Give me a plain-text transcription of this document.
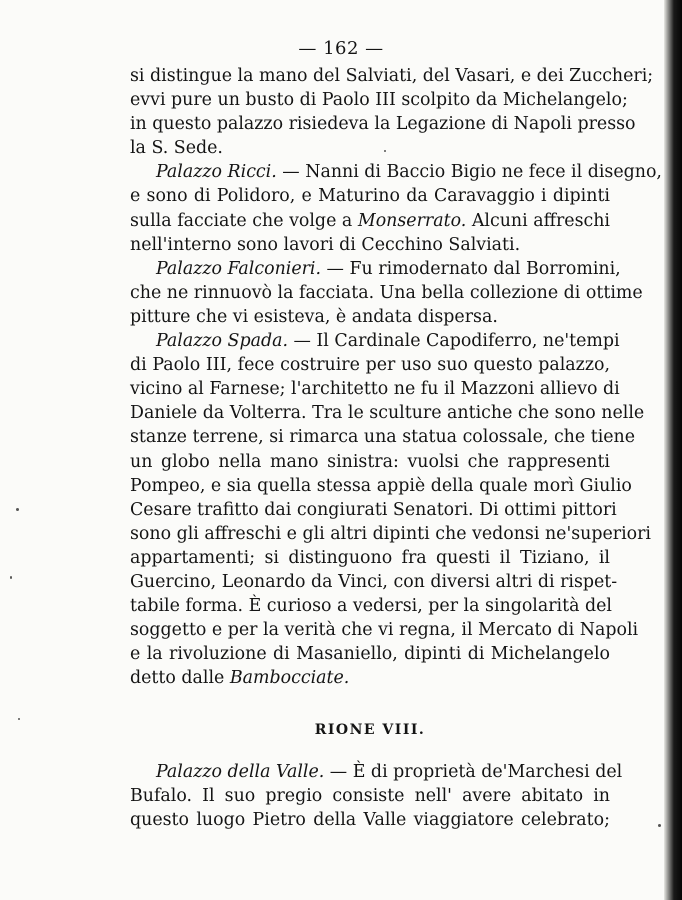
— 162 —
si distingue la mano del Salviati, del Vasari, e dei Zuccheri;
evvi pure un busto di Paolo III scolpito da Michelangelo;
in questo palazzo risiedeva la Legazione di Napoli presso
la S. Sede.
Palazzo Ricci. — Nanni di Baccio Bigio ne fece il disegno,
e sono di Polidoro, e Maturino da Caravaggio i dipinti
sulla facciate che volge a Monserrato. Alcuni affreschi
nell'interno sono lavori di Cecchino Salviati.
Palazzo Falconieri. — Fu rimodernato dal Borromini,
che ne rinnuovò la facciata. Una bella collezione di ottime
pitture che vi esisteva, è andata dispersa.
Palazzo Spada. — Il Cardinale Capodiferro, ne'tempi
di Paolo III, fece costruire per uso suo questo palazzo,
vicino al Farnese; l'architetto ne fu il Mazzoni allievo di
Daniele da Volterra. Tra le sculture antiche che sono nelle
stanze terrene, si rimarca una statua colossale, che tiene
un globo nella mano sinistra: vuolsi che rappresenti
Pompeo, e sia quella stessa appiè della quale morì Giulio
Cesare trafitto dai congiurati Senatori. Di ottimi pittori
sono gli affreschi e gli altri dipinti che vedonsi ne'superiori
appartamenti; si distinguono fra questi il Tiziano, il
Guercino, Leonardo da Vinci, con diversi altri di rispet-
tabile forma. È curioso a vedersi, per la singolarità del
soggetto e per la verità che vi regna, il Mercato di Napoli
e la rivoluzione di Masaniello, dipinti di Michelangelo
detto dalle Bambocciate.
RIONE VIII.
Palazzo della Valle. — È di proprietà de'Marchesi del
Bufalo. Il suo pregio consiste nell' avere abitato in
questo luogo Pietro della Valle viaggiatore celebrato;
